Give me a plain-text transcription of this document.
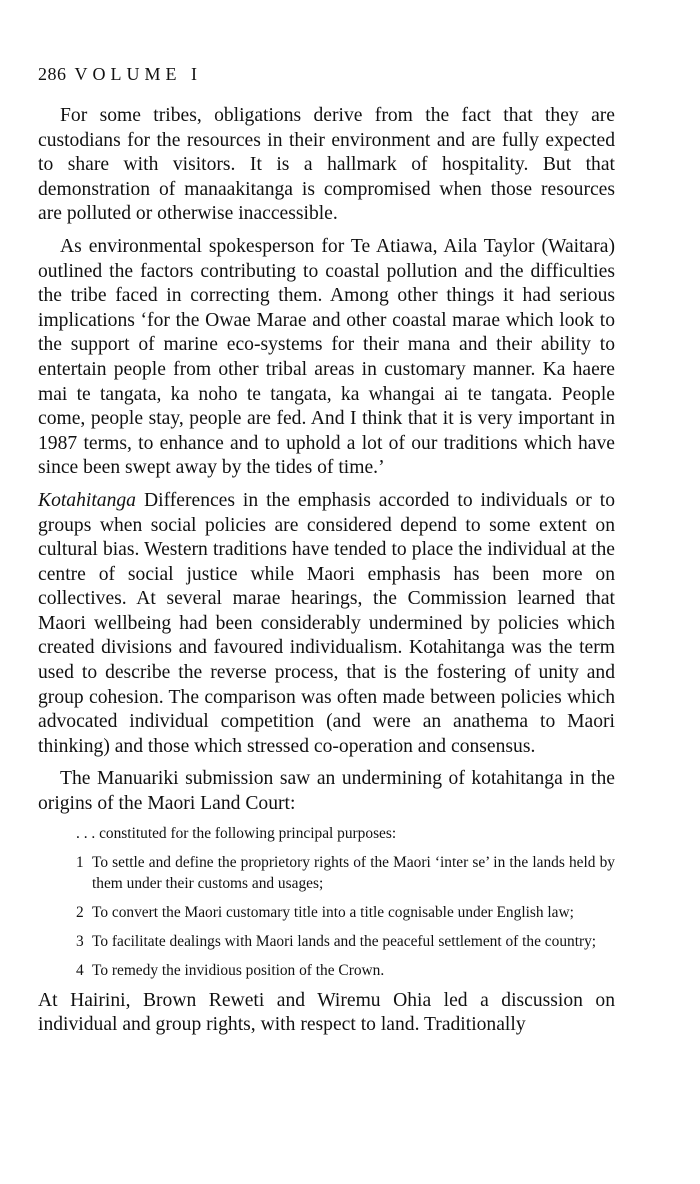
286 VOLUME I

For some tribes, obligations derive from the fact that they are custodians for the resources in their environment and are fully expected to share with visitors. It is a hallmark of hospitality. But that demonstration of manaakitanga is compromised when those resources are polluted or otherwise inaccessible.

As environmental spokesperson for Te Atiawa, Aila Taylor (Waitara) outlined the factors contributing to coastal pollution and the difficulties the tribe faced in correcting them. Among other things it had serious implications ‘for the Owae Marae and other coastal marae which look to the support of marine eco-systems for their mana and their ability to entertain people from other tribal areas in customary manner. Ka haere mai te tangata, ka noho te tangata, ka whangai ai te tangata. People come, people stay, people are fed. And I think that it is very important in 1987 terms, to enhance and to uphold a lot of our traditions which have since been swept away by the tides of time.’

Kotahitanga Differences in the emphasis accorded to individuals or to groups when social policies are considered depend to some extent on cultural bias. Western traditions have tended to place the individual at the centre of social justice while Maori emphasis has been more on collectives. At several marae hearings, the Commission learned that Maori wellbeing had been considerably undermined by policies which created divisions and favoured individualism. Kotahitanga was the term used to describe the reverse process, that is the fostering of unity and group cohesion. The comparison was often made between policies which advocated individual competition (and were an anathema to Maori thinking) and those which stressed co-operation and consensus.

The Manuariki submission saw an undermining of kotahitanga in the origins of the Maori Land Court:

. . . constituted for the following principal purposes:
1 To settle and define the proprietory rights of the Maori ‘inter se’ in the lands held by them under their customs and usages;
2 To convert the Maori customary title into a title cognisable under English law;
3 To facilitate dealings with Maori lands and the peaceful settlement of the country;
4 To remedy the invidious position of the Crown.

At Hairini, Brown Reweti and Wiremu Ohia led a discussion on individual and group rights, with respect to land. Traditionally
